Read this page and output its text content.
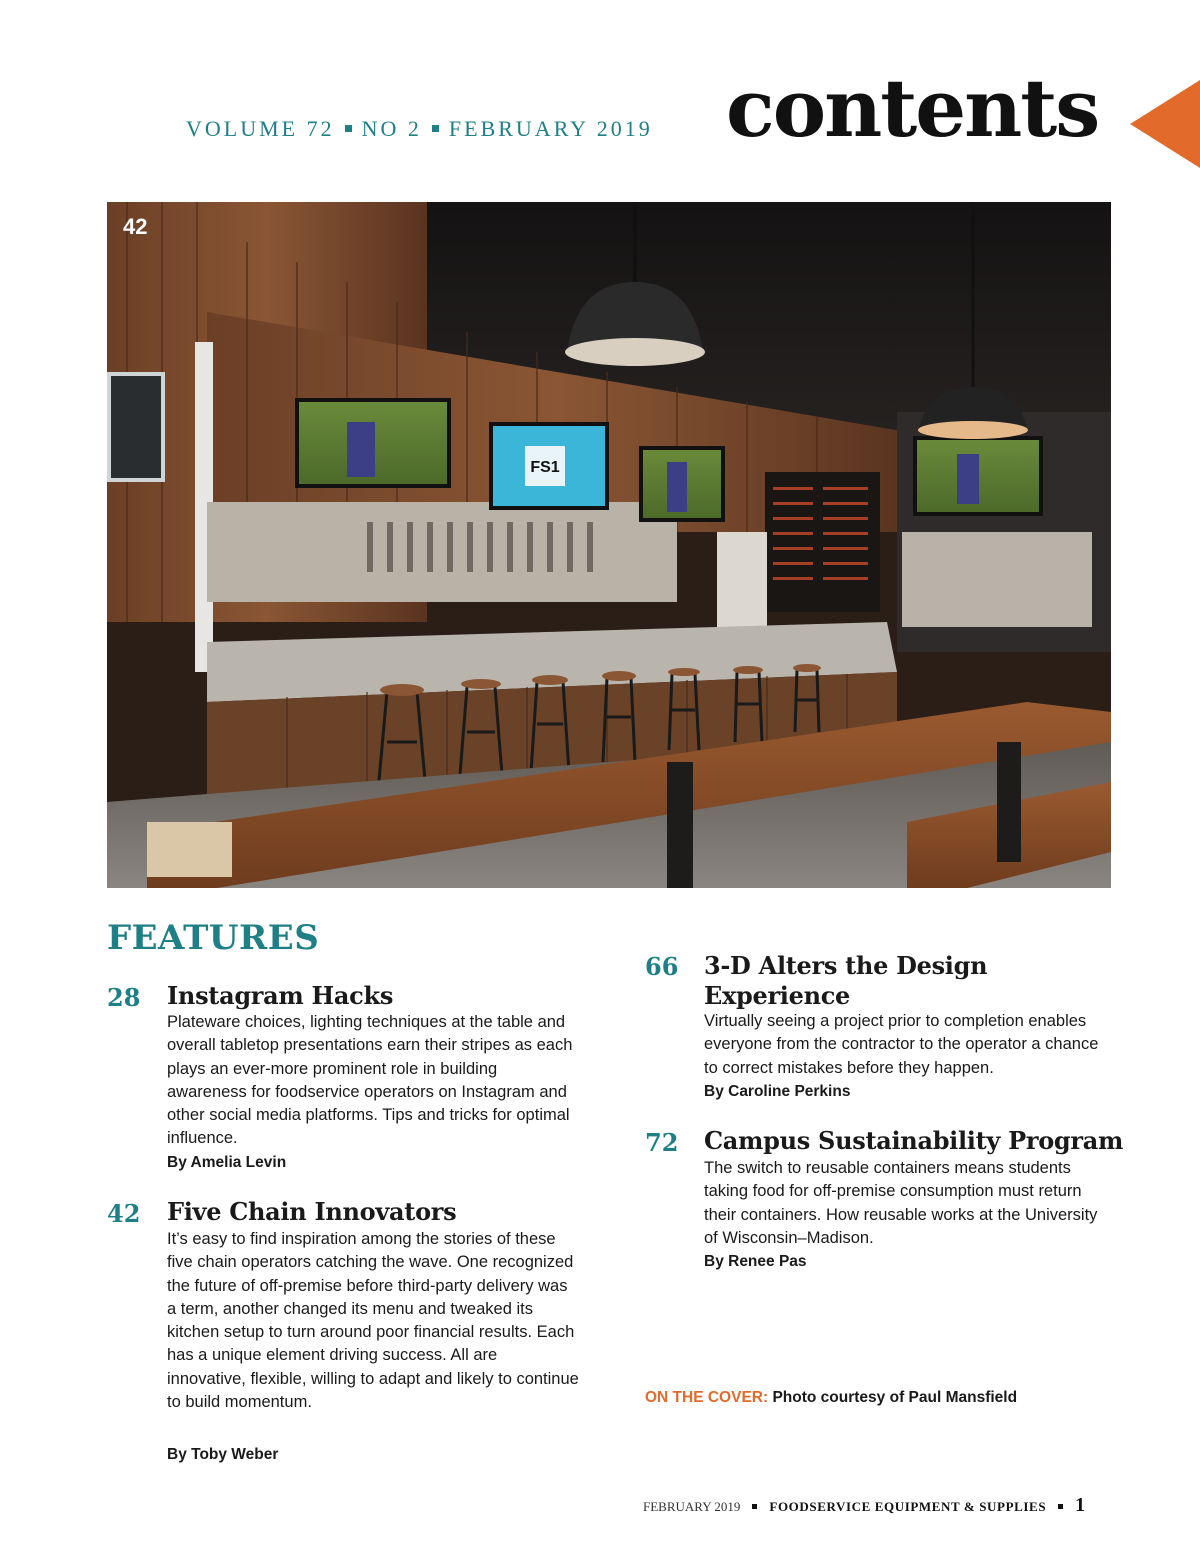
VOLUME 72 NO 2 FEBRUARY 2019 contents
FS1
42
FEATURES
28 Instagram Hacks
Plateware choices, lighting techniques at the table and overall tabletop presentations earn their stripes as each plays an ever-more prominent role in building awareness for foodservice operators on Instagram and other social media platforms. Tips and tricks for optimal influence.
By Amelia Levin
42 Five Chain Innovators
It’s easy to find inspiration among the stories of these five chain operators catching the wave. One recognized the future of off-premise before third-party delivery was a term, another changed its menu and tweaked its kitchen setup to turn around poor financial results. Each has a unique element driving success. All are innovative, flexible, willing to adapt and likely to continue to build momentum.
By Toby Weber
66 3-D Alters the Design Experience
Virtually seeing a project prior to completion enables everyone from the contractor to the operator a chance to correct mistakes before they happen.
By Caroline Perkins
72 Campus Sustainability Program
The switch to reusable containers means students taking food for off-premise consumption must return their containers. How reusable works at the University of Wisconsin–Madison.
By Renee Pas
ON THE COVER: Photo courtesy of Paul Mansfield
FEBRUARY 2019 FOODSERVICE EQUIPMENT & SUPPLIES 1
